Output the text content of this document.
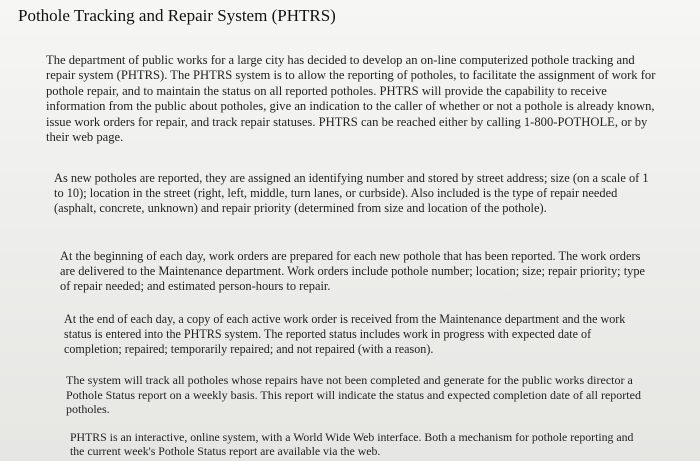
Pothole Tracking and Repair System (PHTRS)

The department of public works for a large city has decided to develop an on-line computerized pothole tracking and repair system (PHTRS). The PHTRS system is to allow the reporting of potholes, to facilitate the assignment of work for pothole repair, and to maintain the status on all reported potholes. PHTRS will provide the capability to receive information from the public about potholes, give an indication to the caller of whether or not a pothole is already known, issue work orders for repair, and track repair statuses. PHTRS can be reached either by calling 1-800-POTHOLE, or by their web page.

As new potholes are reported, they are assigned an identifying number and stored by street address; size (on a scale of 1 to 10); location in the street (right, left, middle, turn lanes, or curbside). Also included is the type of repair needed (asphalt, concrete, unknown) and repair priority (determined from size and location of the pothole).

At the beginning of each day, work orders are prepared for each new pothole that has been reported. The work orders are delivered to the Maintenance department. Work orders include pothole number; location; size; repair priority; type of repair needed; and estimated person-hours to repair.

At the end of each day, a copy of each active work order is received from the Maintenance department and the work status is entered into the PHTRS system. The reported status includes work in progress with expected date of completion; repaired; temporarily repaired; and not repaired (with a reason).

The system will track all potholes whose repairs have not been completed and generate for the public works director a Pothole Status report on a weekly basis. This report will indicate the status and expected completion date of all reported potholes.

PHTRS is an interactive, online system, with a World Wide Web interface. Both a mechanism for pothole reporting and the current week's Pothole Status report are available via the web.
